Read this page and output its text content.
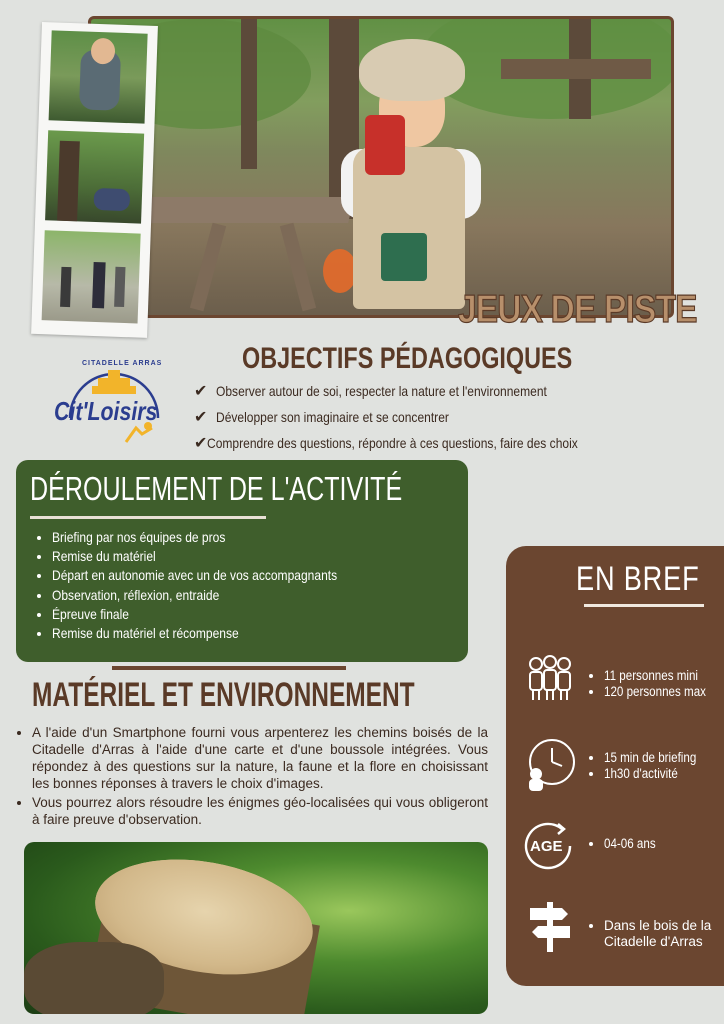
JEUX DE PISTE
CITADELLE ARRAS
Cit'Loisirs
OBJECTIFS PÉDAGOGIQUES
✔ Observer autour de soi, respecter la nature et l'environnement
✔ Développer son imaginaire et se concentrer
✔ Comprendre des questions, répondre à ces questions, faire des choix
DÉROULEMENT DE L'ACTIVITÉ
• Briefing par nos équipes de pros
• Remise du matériel
• Départ en autonomie avec un de vos accompagnants
• Observation, réflexion, entraide
• Épreuve finale
• Remise du matériel et récompense
MATÉRIEL ET ENVIRONNEMENT
• A l'aide d'un Smartphone fourni vous arpenterez les chemins boisés de la Citadelle d'Arras à l'aide d'une carte et d'une boussole intégrées. Vous répondez à des questions sur la nature, la faune et la flore en choisissant les bonnes réponses à travers le choix d'images.
• Vous pourrez alors résoudre les énigmes géo-localisées qui vous obligeront à faire preuve d'observation.
EN BREF
• 11 personnes mini
• 120 personnes max
• 15 min de briefing
• 1h30 d'activité
AGE
•	04-06 ans
• Dans le bois de la Citadelle d'Arras
